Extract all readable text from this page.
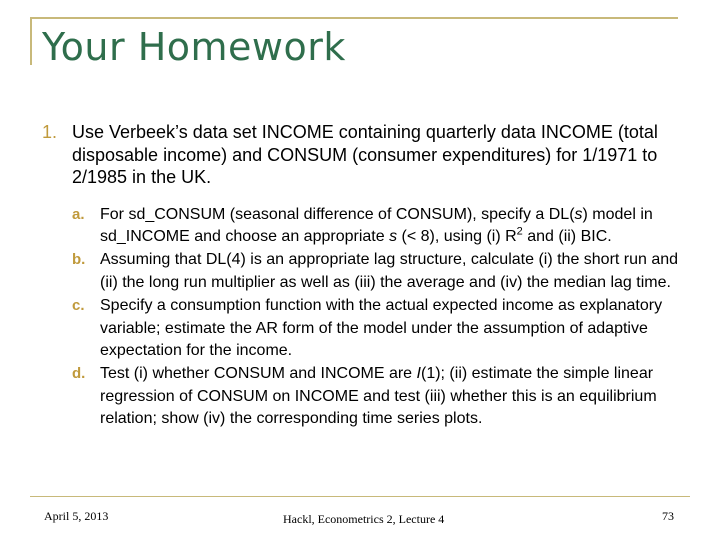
Your Homework
1. Use Verbeek’s data set INCOME containing quarterly data INCOME (total disposable income) and CONSUM (consumer expenditures) for 1/1971 to 2/1985 in the UK.
a. For sd_CONSUM (seasonal difference of CONSUM), specify a DL(s) model in sd_INCOME and choose an appropriate s (< 8), using (i) $R^2$ and (ii) BIC.
b. Assuming that DL(4) is an appropriate lag structure, calculate (i) the short run and (ii) the long run multiplier as well as (iii) the average and (iv) the median lag time.
c. Specify a consumption function with the actual expected income as explanatory variable; estimate the AR form of the model under the assumption of adaptive expectation for the income.
d. Test (i) whether CONSUM and INCOME are I(1); (ii) estimate the simple linear regression of CONSUM on INCOME and test (iii) whether this is an equilibrium relation; show (iv) the corresponding time series plots.
April 5, 2013	Hackl, Econometrics 2, Lecture 4	73
